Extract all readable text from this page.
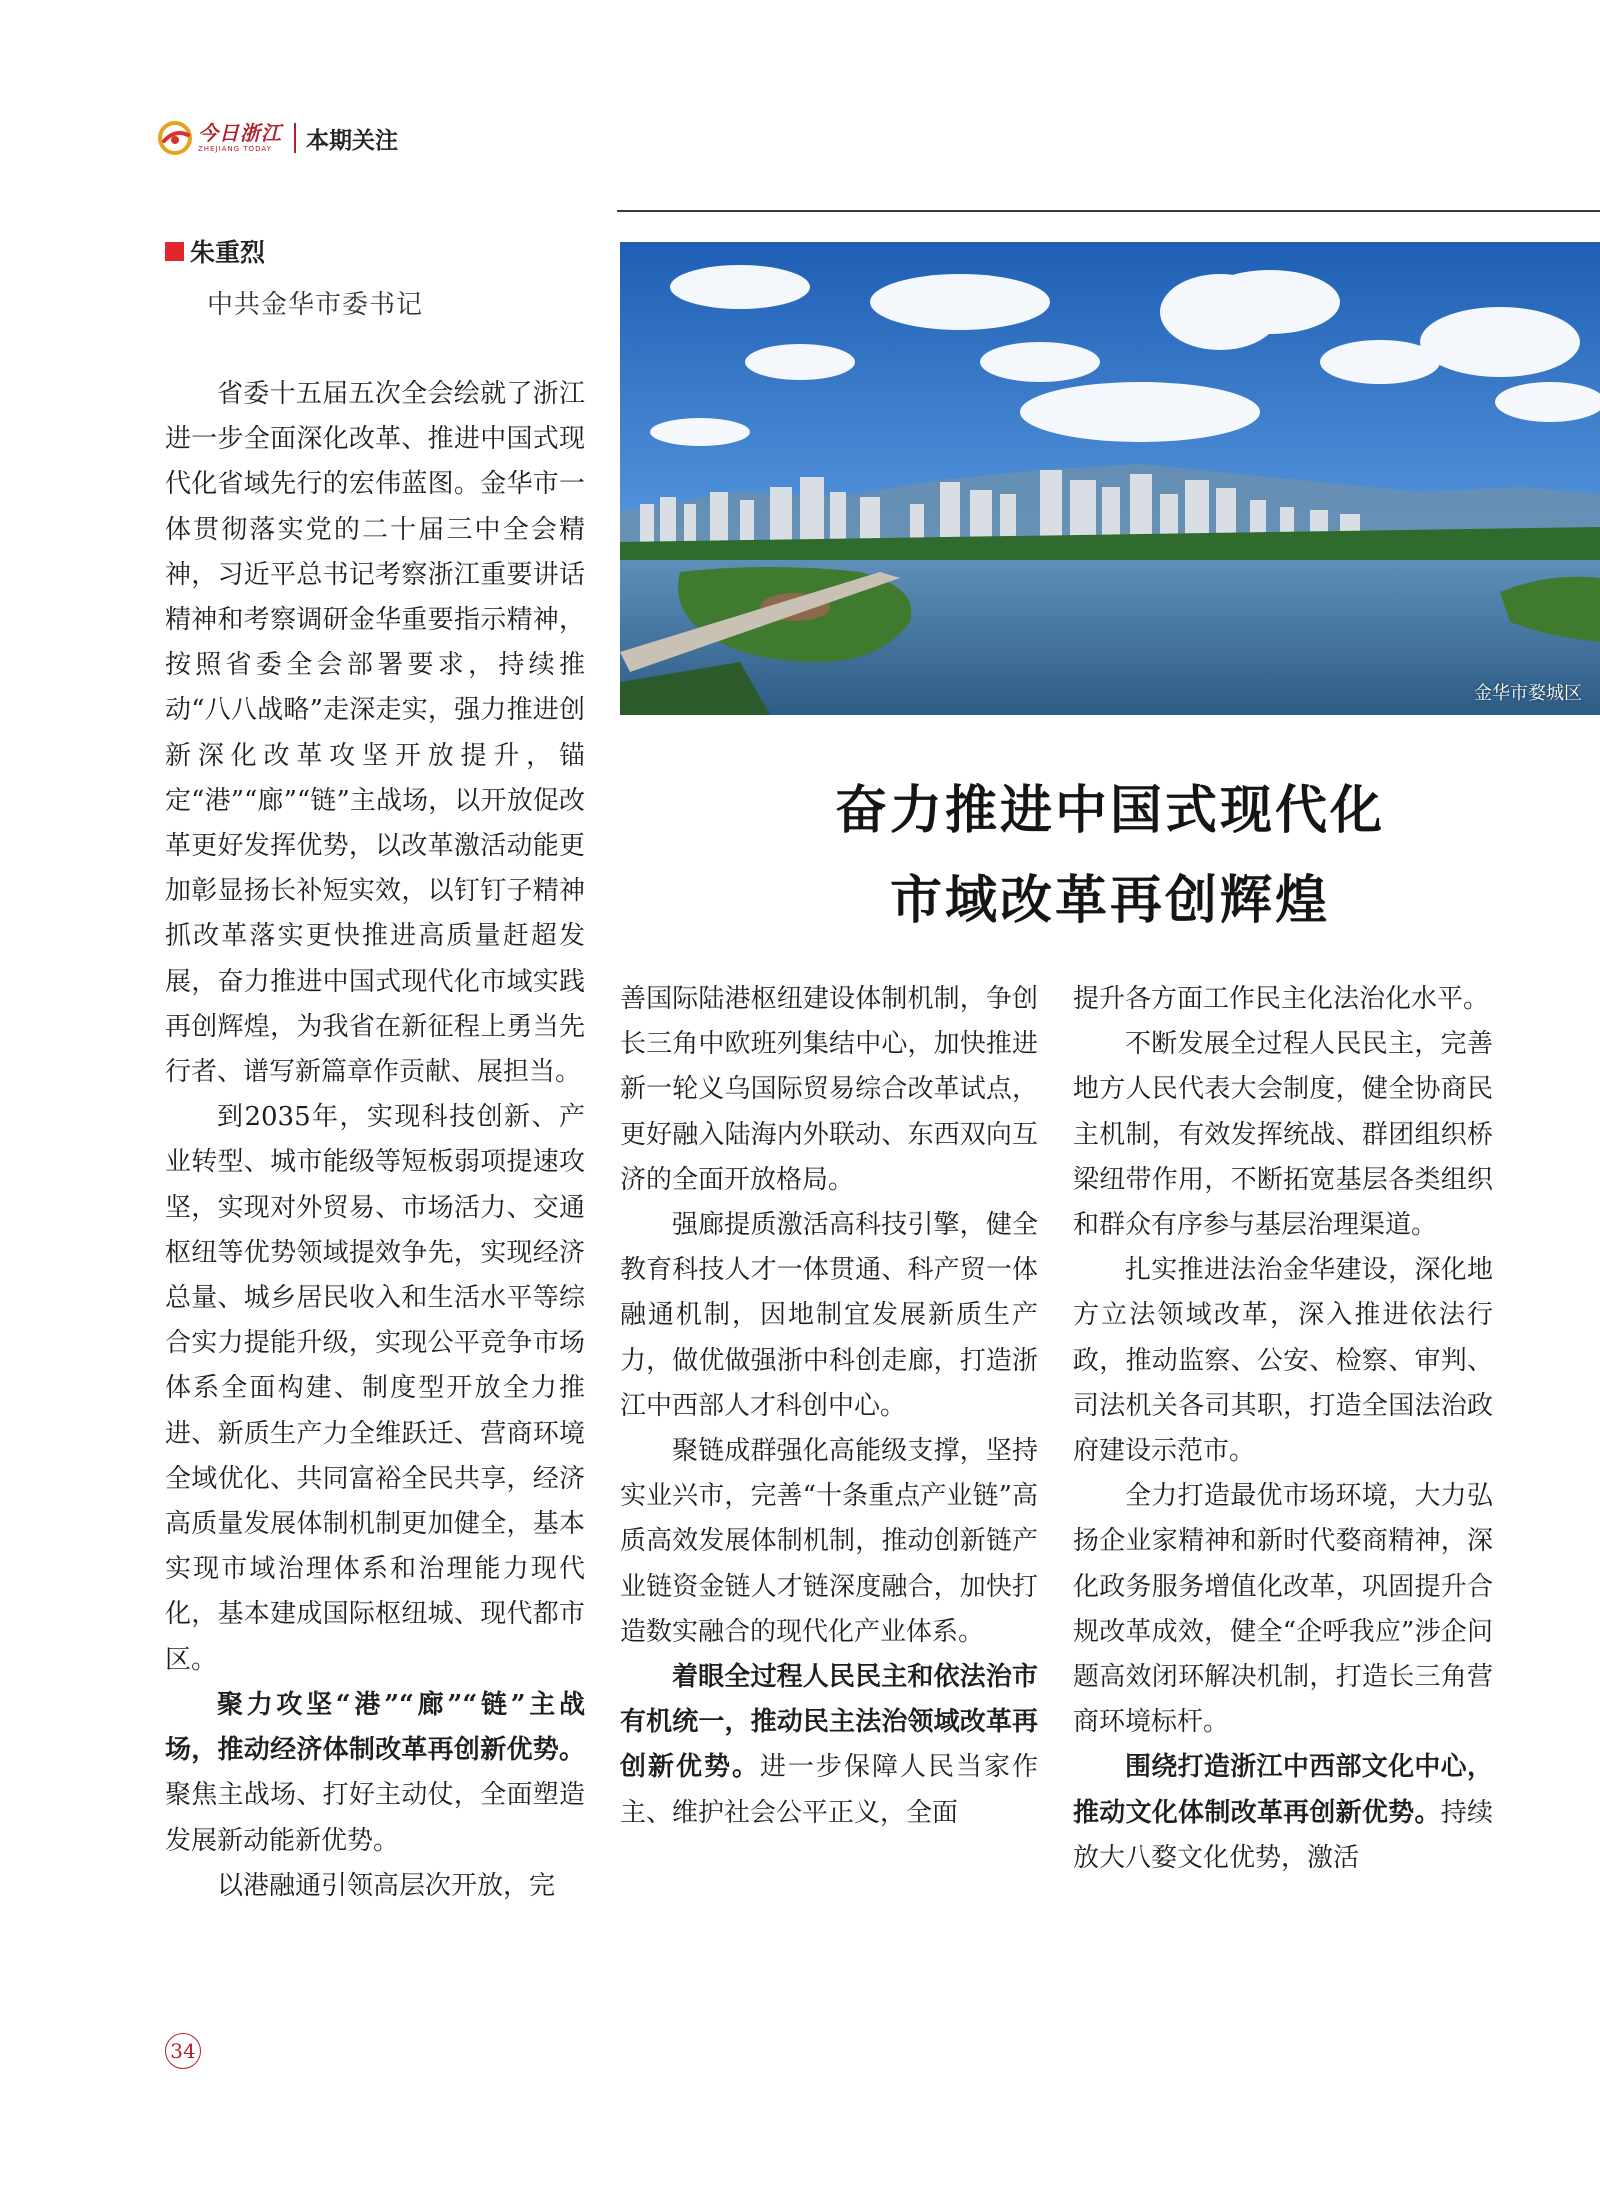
今日浙江
ZHEJIANG TODAY	本期关注
朱重烈
中共金华市委书记
金华市婺城区
奋力推进中国式现代化
市域改革再创辉煌

省委十五届五次全会绘就了浙江进一步全面深化改革、推进中国式现代化省域先行的宏伟蓝图。金华市一体贯彻落实党的二十届三中全会精神，习近平总书记考察浙江重要讲话精神和考察调研金华重要指示精神，按照省委全会部署要求，持续推动“八八战略”走深走实，强力推进创新深化改革攻坚开放提升，锚定“港”“廊”“链”主战场，以开放促改革更好发挥优势，以改革激活动能更加彰显扬长补短实效，以钉钉子精神抓改革落实更快推进高质量赶超发展，奋力推进中国式现代化市域实践再创辉煌，为我省在新征程上勇当先行者、谱写新篇章作贡献、展担当。

到2035年，实现科技创新、产业转型、城市能级等短板弱项提速攻坚，实现对外贸易、市场活力、交通枢纽等优势领域提效争先，实现经济总量、城乡居民收入和生活水平等综合实力提能升级，实现公平竞争市场体系全面构建、制度型开放全力推进、新质生产力全维跃迁、营商环境全域优化、共同富裕全民共享，经济高质量发展体制机制更加健全，基本实现市域治理体系和治理能力现代化，基本建成国际枢纽城、现代都市区。

聚力攻坚“港”“廊”“链”主战场，推动经济体制改革再创新优势。聚焦主战场、打好主动仗，全面塑造发展新动能新优势。

以港融通引领高层次开放，完

善国际陆港枢纽建设体制机制，争创长三角中欧班列集结中心，加快推进新一轮义乌国际贸易综合改革试点，更好融入陆海内外联动、东西双向互济的全面开放格局。

强廊提质激活高科技引擎，健全教育科技人才一体贯通、科产贸一体融通机制，因地制宜发展新质生产力，做优做强浙中科创走廊，打造浙江中西部人才科创中心。

聚链成群强化高能级支撑，坚持实业兴市，完善“十条重点产业链”高质高效发展体制机制，推动创新链产业链资金链人才链深度融合，加快打造数实融合的现代化产业体系。

着眼全过程人民民主和依法治市有机统一，推动民主法治领域改革再创新优势。进一步保障人民当家作主、维护社会公平正义，全面

提升各方面工作民主化法治化水平。

不断发展全过程人民民主，完善地方人民代表大会制度，健全协商民主机制，有效发挥统战、群团组织桥梁纽带作用，不断拓宽基层各类组织和群众有序参与基层治理渠道。

扎实推进法治金华建设，深化地方立法领域改革，深入推进依法行政，推动监察、公安、检察、审判、司法机关各司其职，打造全国法治政府建设示范市。

全力打造最优市场环境，大力弘扬企业家精神和新时代婺商精神，深化政务服务增值化改革，巩固提升合规改革成效，健全“企呼我应”涉企问题高效闭环解决机制，打造长三角营商环境标杆。

围绕打造浙江中西部文化中心，推动文化体制改革再创新优势。持续放大八婺文化优势，激活

34
